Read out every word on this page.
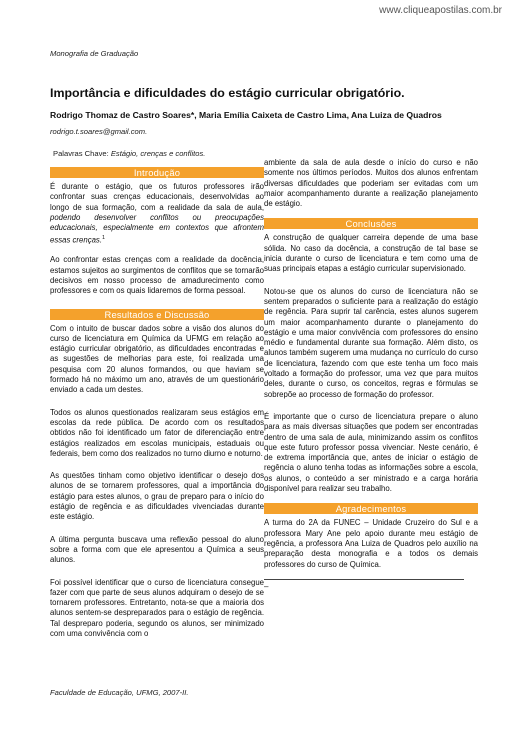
www.cliqueapostilas.com.br
Monografia de Graduação
Importância e dificuldades do estágio curricular obrigatório.
Rodrigo Thomaz de Castro Soares*, Maria Emília Caixeta de Castro Lima, Ana Luiza de Quadros
rodrigo.t.soares@gmail.com.
Palavras Chave: Estágio, crenças e conflitos.
Introdução

É durante o estágio, que os futuros professores irão confrontar suas crenças educacionais, desenvolvidas ao longo de sua formação, com a realidade da sala de aula, podendo desenvolver conflitos ou preocupações educacionais, especialmente em contextos que afrontem essas crenças.$^1$

Ao confrontar estas crenças com a realidade da docência, estamos sujeitos ao surgimentos de conflitos que se tornarão decisivos em nosso processo de amadurecimento como professores e com os quais lidaremos de forma pessoal.

Resultados e Discussão

Com o intuito de buscar dados sobre a visão dos alunos do curso de licenciatura em Química da UFMG em relação ao estágio curricular obrigatório, as dificuldades encontradas e as sugestões de melhorias para este, foi realizada uma pesquisa com 20 alunos formandos, ou que haviam se formado há no máximo um ano, através de um questionário enviado a cada um destes.

Todos os alunos questionados realizaram seus estágios em escolas da rede pública. De acordo com os resultados obtidos não foi identificado um fator de diferenciação entre estágios realizados em escolas municipais, estaduais ou federais, bem como dos realizados no turno diurno e noturno.

As questões tinham como objetivo identificar o desejo dos alunos de se tornarem professores, qual a importância do estágio para estes alunos, o grau de preparo para o início do estágio de regência e as dificuldades vivenciadas durante este estágio.

A última pergunta buscava uma reflexão pessoal do aluno sobre a forma com que ele apresentou a Química a seus alunos.

Foi possível identificar que o curso de licenciatura consegue fazer com que parte de seus alunos adquiram o desejo de se tornarem professores. Entretanto, nota-se que a maioria dos alunos sentem-se despreparados para o estágio de regência. Tal despreparo poderia, segundo os alunos, ser minimizado com uma convivência com o

ambiente da sala de aula desde o início do curso e não somente nos últimos períodos. Muitos dos alunos enfrentam diversas dificuldades que poderiam ser evitadas com um maior acompanhamento durante a realização planejamento de estágio.

Conclusões

A construção de qualquer carreira depende de uma base sólida. No caso da docência, a construção de tal base se inicia durante o curso de licenciatura e tem como uma de suas principais etapas a estágio curricular supervisionado.

Notou-se que os alunos do curso de licenciatura não se sentem preparados o suficiente para a realização do estágio de regência. Para suprir tal carência, estes alunos sugerem um maior acompanhamento durante o planejamento do estágio e uma maior convivência com professores do ensino médio e fundamental durante sua formação. Além disto, os alunos também sugerem uma mudança no currículo do curso de licenciatura, fazendo com que este tenha um foco mais voltado a formação do professor, uma vez que para muitos deles, durante o curso, os conceitos, regras e fórmulas se sobrepõe ao processo de formação do professor.

É importante que o curso de licenciatura prepare o aluno para as mais diversas situações que podem ser encontradas dentro de uma sala de aula, minimizando assim os conflitos que este futuro professor possa vivenciar. Neste cenário, é de extrema importância que, antes de iniciar o estágio de regência o aluno tenha todas as informações sobre a escola, os alunos, o conteúdo a ser ministrado e a carga horária disponível para realizar seu trabalho.

Agradecimentos

A turma do 2A da FUNEC – Unidade Cruzeiro do Sul e a professora Mary Ane pelo apoio durante meu estágio de regência, a professora Ana Luiza de Quadros pelo auxílio na preparação desta monografia e a todos os demais professores do curso de Química.

–
Faculdade de Educação, UFMG, 2007-II.
